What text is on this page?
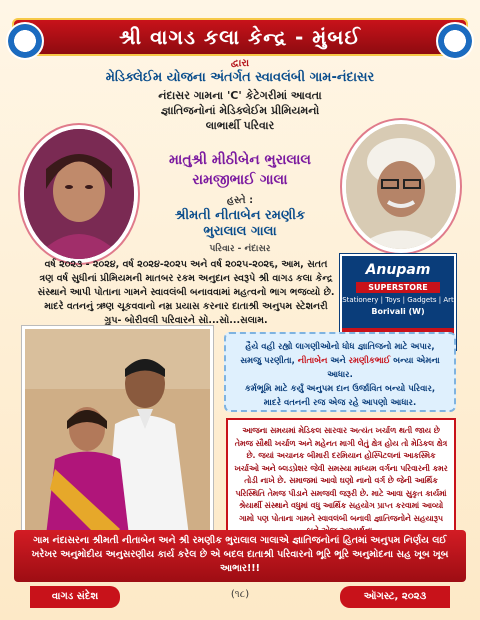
શ્રી વાગડ કલા કેન્દ્ર - મુંબઈ
દ્વારા
મેડિક્લેઈમ યોજના અંતર્ગત સ્વાવલંબી ગામ-નંદાસર
નંદાસર ગામના 'C' કેટેગરીમાં આવતા
જ્ઞાતિજનોનાં મેડિક્લેઈમ પ્રીમિયમનો
લાભાર્થી પરિવાર
માતુશ્રી મીઠીબેન ભુરાલાલ
રામજીભાઈ ગાલા
હસ્તે :
શ્રીમતી નીતાબેન રમણીક
ભુરાલાલ ગાલા
પરિવાર - નંદાસર
વર્ષ ૨૦૨૩ - ૨૦૨૪, વર્ષ ૨૦૨૪-૨૦૨૫ અને વર્ષ ૨૦૨૫-૨૦૨૬, આમ, સતત ત્રણ વર્ષ સુધીનાં પ્રીમિયમની માતબર રકમ અનુદાન સ્વરૂપે શ્રી વાગડ કલા કેન્દ્ર સંસ્થાને આપી પોતાના ગામને સ્વાવલંબી બનાવવામાં મહત્વનો ભાગ ભજવ્યો છે. માદરે વતનનું ઋણ ચૂકવવાનો નમ્ર પ્રયાસ કરનાર દાતાશ્રી અનુપમ સ્ટેશનરી ગ્રુપ- બોરીવલી પરિવારને સો...સો...સલામ.
Anupam
SUPERSTORE
Stationery | Toys | Gadgets | Art
Borivali (W)
હૈયે વહી રહ્યો લાગણીઓનો ધોધ જ્ઞાતિજનો માટે અપાર,
સમજુ પરણીતા, નીતાબેન અને રમણીકભાઈ બન્યા એમના આધાર.
કર્મભૂમિ માટે કર્યું અનુપમ દાન ઉર્જાવિત બન્યો પરિવાર,
માદરે વતનની રજ એજ રહે આપણો આધાર.
આજના સમયમાં મેડિકલ સારવાર અત્યંત ખર્ચાળ થતી જાય છે તેમજ સૌથી ખર્ચાળ અને મહેનત માગી લેતું ક્ષેત્ર હોય તો મેડિકલ ક્ષેત્ર છે. જયાં અચાનક બીમારી દરમિયાન હોસ્પિટલનાં આકસ્મિક ખર્ચાઓ અને બ્લડપ્રેશર જેવી સમસ્યા માધ્યમ વર્ગના પરિવારની કમર તોડી નાખે છે. સમાજમાં આવો ઘણો નાનો વર્ગ છે જેની આર્થિક પરિસ્થિતિ તેમજ પીડાને સમજવી જરૂરી છે. માટે આવા સુકૃત કાર્યમાં શ્રેયાર્થી સંસ્થાને વધુમાં વધુ આર્થિક સહયોગ પ્રાપ્ત કરવામાં આવ્યો ગામો પણ પોતાના ગામને સ્વાવલંબી બનાવી જ્ઞાતિજનોને સહયારૂપ
ગામ નંદાસરના શ્રીમતી નીતાબેન અને શ્રી રમણીક ભુરાલાલ ગાલાએ જ્ઞાતિજનોનાં હિતમાં અનુપમ નિર્ણય લઈ ખરેખર અનુમોદીય અનુસરણીય કાર્ય કરેલ છે એ બદલ દાતાશ્રી પરિવારનો ભૂરિ ભૂરિ અનુમોદના સહ ખૂબ ખૂબ આભાર!!!
વાગડ સંદેશ	(૧૮)	ઑગસ્ટ, ૨૦૨૩
